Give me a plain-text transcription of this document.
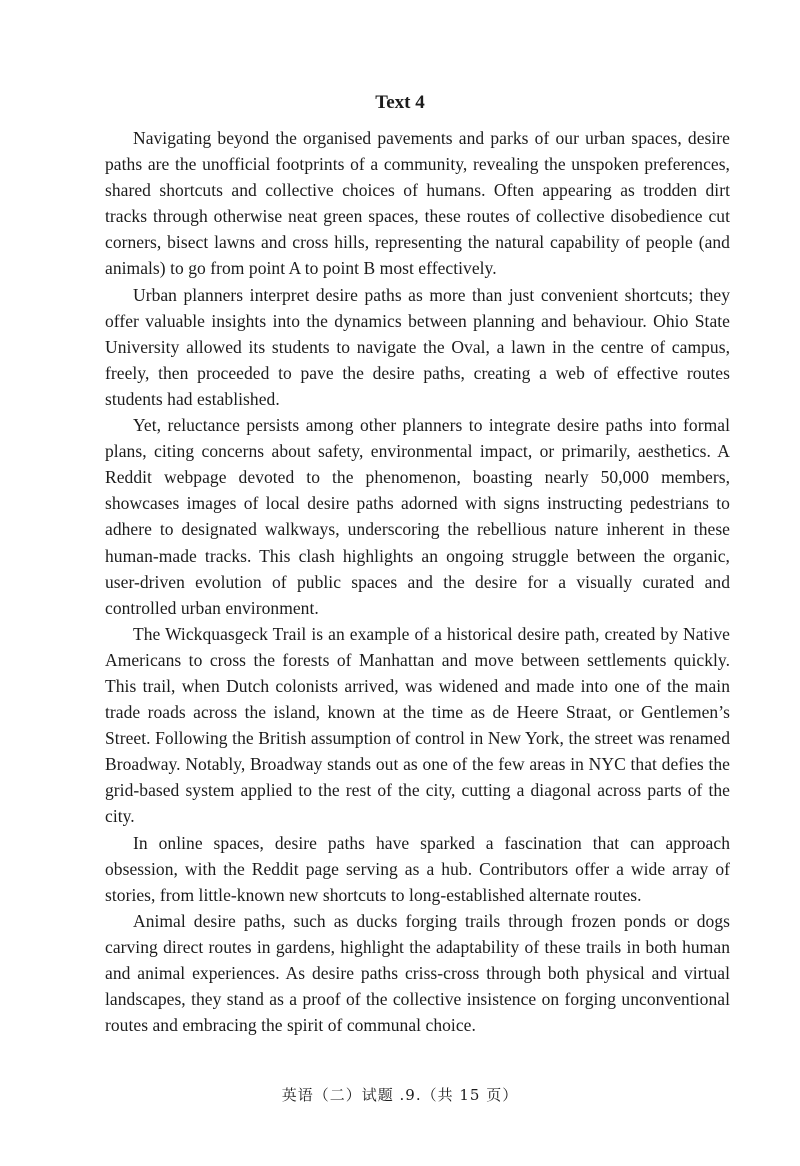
Text 4

Navigating beyond the organised pavements and parks of our urban spaces, desire paths are the unofficial footprints of a community, revealing the unspoken preferences, shared shortcuts and collective choices of humans. Often appearing as trodden dirt tracks through otherwise neat green spaces, these routes of collective disobedience cut corners, bisect lawns and cross hills, representing the natural capability of people (and animals) to go from point A to point B most effectively.

Urban planners interpret desire paths as more than just convenient shortcuts; they offer valuable insights into the dynamics between planning and behaviour. Ohio State University allowed its students to navigate the Oval, a lawn in the centre of campus, freely, then proceeded to pave the desire paths, creating a web of effective routes students had established.

Yet, reluctance persists among other planners to integrate desire paths into formal plans, citing concerns about safety, environmental impact, or primarily, aesthetics. A Reddit webpage devoted to the phenomenon, boasting nearly 50,000 members, showcases images of local desire paths adorned with signs instructing pedestrians to adhere to designated walkways, underscoring the rebellious nature inherent in these human-made tracks. This clash highlights an ongoing struggle between the organic, user-driven evolution of public spaces and the desire for a visually curated and controlled urban environment.

The Wickquasgeck Trail is an example of a historical desire path, created by Native Americans to cross the forests of Manhattan and move between settlements quickly. This trail, when Dutch colonists arrived, was widened and made into one of the main trade roads across the island, known at the time as de Heere Straat, or Gentlemen’s Street. Following the British assumption of control in New York, the street was renamed Broadway. Notably, Broadway stands out as one of the few areas in NYC that defies the grid-based system applied to the rest of the city, cutting a diagonal across parts of the city.

In online spaces, desire paths have sparked a fascination that can approach obsession, with the Reddit page serving as a hub. Contributors offer a wide array of stories, from little-known new shortcuts to long-established alternate routes.

Animal desire paths, such as ducks forging trails through frozen ponds or dogs carving direct routes in gardens, highlight the adaptability of these trails in both human and animal experiences. As desire paths criss-cross through both physical and virtual landscapes, they stand as a proof of the collective insistence on forging unconventional routes and embracing the spirit of communal choice.

英语（二）试题 .9.（共 15 页）
